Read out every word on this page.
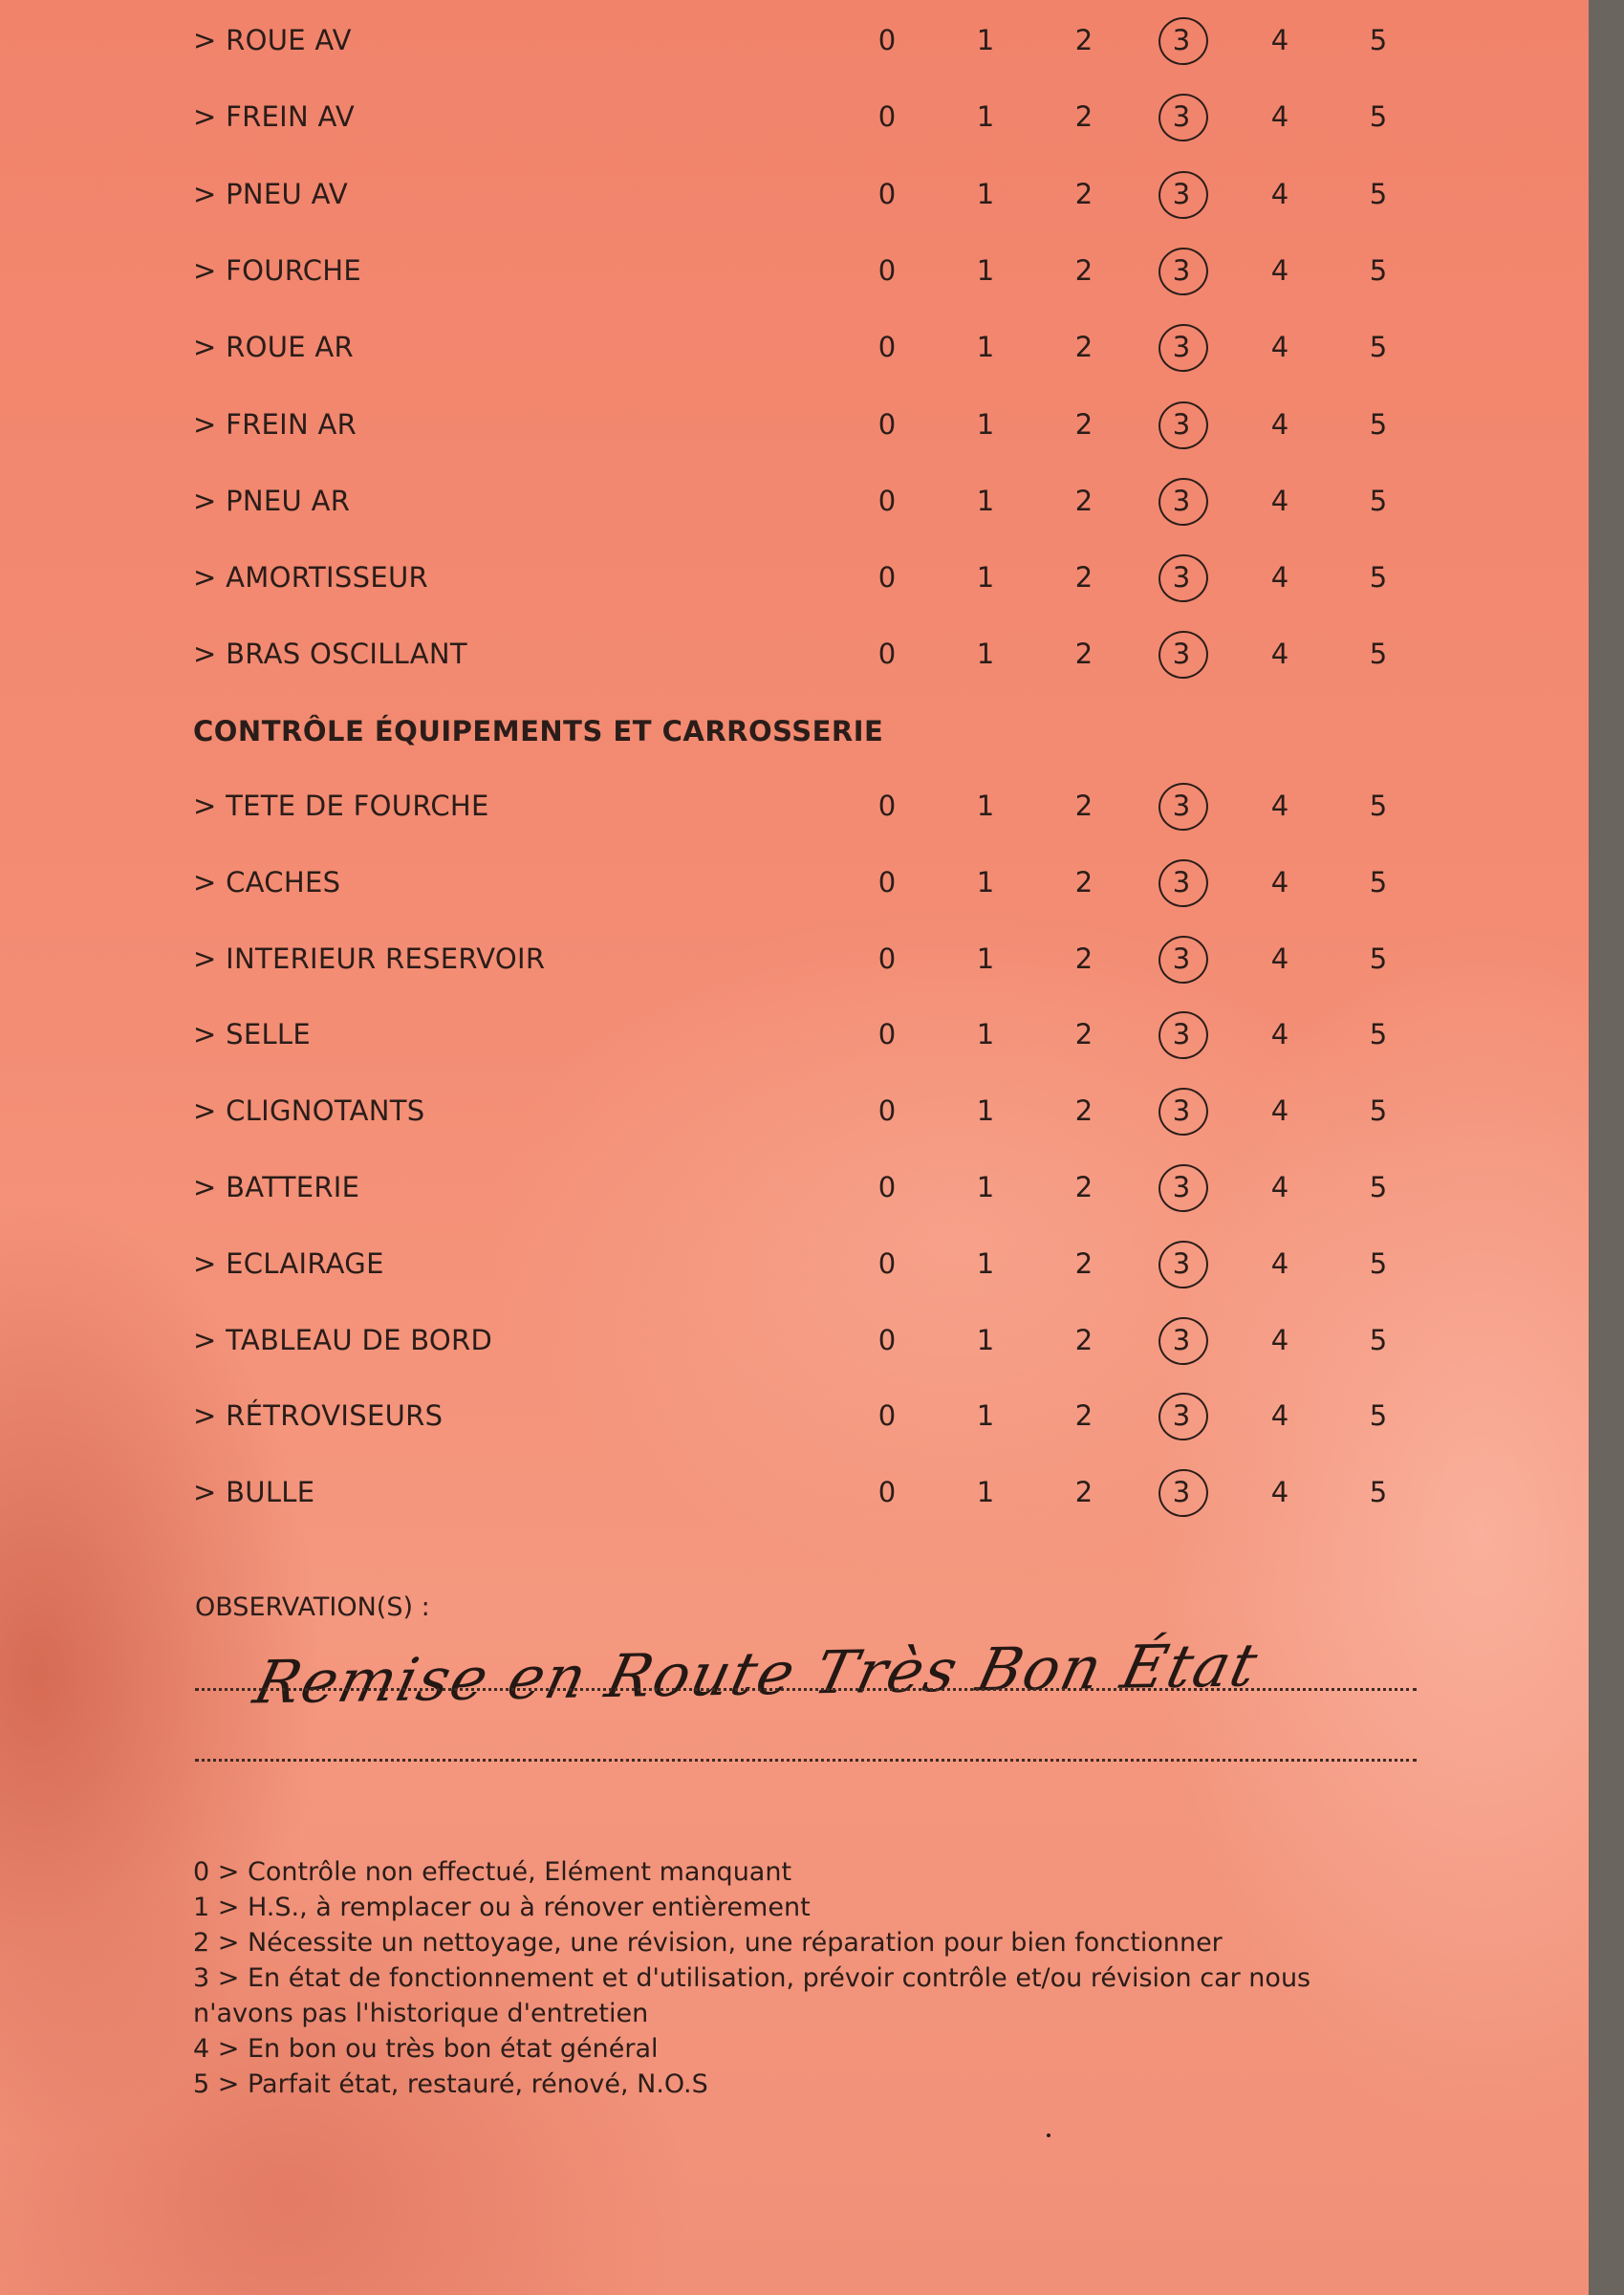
> ROUE AV	0	1	2	3	4	5
> FREIN AV	0	1	2	3	4	5
> PNEU AV	0	1	2	3	4	5
> FOURCHE	0	1	2	3	4	5
> ROUE AR	0	1	2	3	4	5
> FREIN AR	0	1	2	3	4	5
> PNEU AR	0	1	2	3	4	5
> AMORTISSEUR	0	1	2	3	4	5
> BRAS OSCILLANT	0	1	2	3	4	5
CONTRÔLE ÉQUIPEMENTS ET CARROSSERIE
> TETE DE FOURCHE	0	1	2	3	4	5
> CACHES	0	1	2	3	4	5
> INTERIEUR RESERVOIR	0	1	2	3	4	5
> SELLE	0	1	2	3	4	5
> CLIGNOTANTS	0	1	2	3	4	5
> BATTERIE	0	1	2	3	4	5
> ECLAIRAGE	0	1	2	3	4	5
> TABLEAU DE BORD	0	1	2	3	4	5
> RÉTROVISEURS	0	1	2	3	4	5
> BULLE	0	1	2	3	4	5
OBSERVATION(S) :
Remise en Route Très Bon État
0 > Contrôle non effectué, Elément manquant
1 > H.S., à remplacer ou à rénover entièrement
2 > Nécessite un nettoyage, une révision, une réparation pour bien fonctionner
3 > En état de fonctionnement et d'utilisation, prévoir contrôle et/ou révision car nous
n'avons pas l'historique d'entretien
4 > En bon ou très bon état général
5 > Parfait état, restauré, rénové, N.O.S
